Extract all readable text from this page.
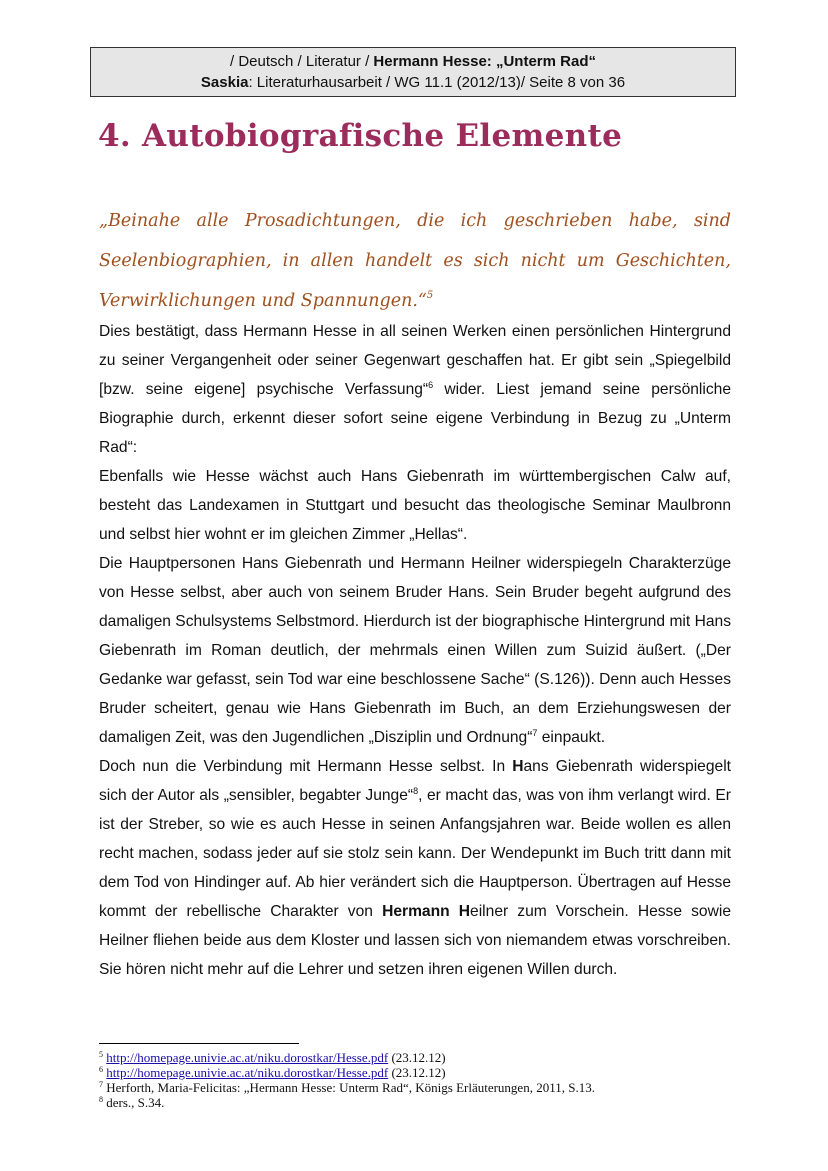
/ Deutsch / Literatur / Hermann Hesse: „Unterm Rad“
Saskia: Literaturhausarbeit / WG 11.1 (2012/13)/ Seite 8 von 36
4. Autobiografische Elemente
„Beinahe alle Prosadichtungen, die ich geschrieben habe, sind Seelenbiographien, in allen handelt es sich nicht um Geschichten, Verwirklichungen und Spannungen.“$^5$

Dies bestätigt, dass Hermann Hesse in all seinen Werken einen persönlichen Hintergrund zu seiner Vergangenheit oder seiner Gegenwart geschaffen hat. Er gibt sein „Spiegelbild [bzw. seine eigene] psychische Verfassung“$^6$ wider. Liest jemand seine persönliche Biographie durch, erkennt dieser sofort seine eigene Verbindung in Bezug zu „Unterm Rad“:

Ebenfalls wie Hesse wächst auch Hans Giebenrath im württembergischen Calw auf, besteht das Landexamen in Stuttgart und besucht das theologische Seminar Maulbronn und selbst hier wohnt er im gleichen Zimmer „Hellas“.

Die Hauptpersonen Hans Giebenrath und Hermann Heilner widerspiegeln Charakterzüge von Hesse selbst, aber auch von seinem Bruder Hans. Sein Bruder begeht aufgrund des damaligen Schulsystems Selbstmord. Hierdurch ist der biographische Hintergrund mit Hans Giebenrath im Roman deutlich, der mehrmals einen Willen zum Suizid äußert. („Der Gedanke war gefasst, sein Tod war eine beschlossene Sache“ (S.126)). Denn auch Hesses Bruder scheitert, genau wie Hans Giebenrath im Buch, an dem Erziehungswesen der damaligen Zeit, was den Jugendlichen „Disziplin und Ordnung“$^7$ einpaukt.

Doch nun die Verbindung mit Hermann Hesse selbst. In Hans Giebenrath widerspiegelt sich der Autor als „sensibler, begabter Junge“$^8$, er macht das, was von ihm verlangt wird. Er ist der Streber, so wie es auch Hesse in seinen Anfangsjahren war. Beide wollen es allen recht machen, sodass jeder auf sie stolz sein kann. Der Wendepunkt im Buch tritt dann mit dem Tod von Hindinger auf. Ab hier verändert sich die Hauptperson. Übertragen auf Hesse kommt der rebellische Charakter von Hermann Heilner zum Vorschein. Hesse sowie Heilner fliehen beide aus dem Kloster und lassen sich von niemandem etwas vorschreiben. Sie hören nicht mehr auf die Lehrer und setzen ihren eigenen Willen durch.

$^5$ http://homepage.univie.ac.at/niku.dorostkar/Hesse.pdf (23.12.12)
$^6$ http://homepage.univie.ac.at/niku.dorostkar/Hesse.pdf (23.12.12)
$^7$ Herforth, Maria-Felicitas: „Hermann Hesse: Unterm Rad“, Königs Erläuterungen, 2011, S.13.
$^8$ ders., S.34.
